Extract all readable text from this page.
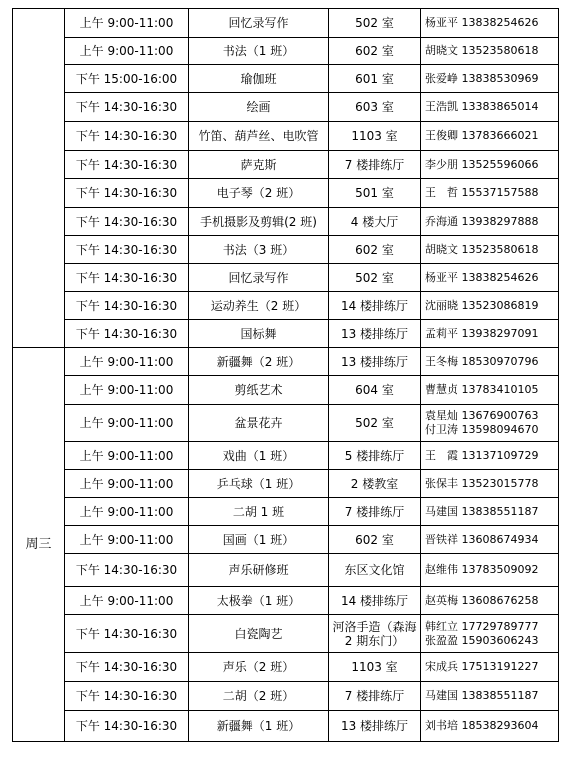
	上午 9:00-11:00	回忆录写作	502 室	杨亚平 13838254626

	上午 9:00-11:00	书法（1 班）	602 室	胡晓文 13523580618

	下午 15:00-16:00	瑜伽班	601 室	张爱峥 13838530969

	下午 14:30-16:30	绘画	603 室	王浩凯 13383865014

	下午 14:30-16:30	竹笛、葫芦丝、电吹管	1103 室	王俊卿 13783666021

	下午 14:30-16:30	萨克斯	7 楼排练厅	李少朋 13525596066

	下午 14:30-16:30	电子琴（2 班）	501 室	王　哲 15537157588

	下午 14:30-16:30	手机摄影及剪辑(2 班)	4 楼大厅	乔海通 13938297888

	下午 14:30-16:30	书法（3 班）	602 室	胡晓文 13523580618

	下午 14:30-16:30	回忆录写作	502 室	杨亚平 13838254626

	下午 14:30-16:30	运动养生（2 班）	14 楼排练厅	沈丽晓 13523086819

	下午 14:30-16:30	国标舞	13 楼排练厅	孟莉平 13938297091

周三	上午 9:00-11:00	新疆舞（2 班）	13 楼排练厅	王冬梅 18530970796

	上午 9:00-11:00	剪纸艺术	604 室	曹慧贞 13783410105

	上午 9:00-11:00	盆景花卉	502 室	袁星灿 13676900763
付卫涛 13598094670

	上午 9:00-11:00	戏曲（1 班）	5 楼排练厅	王　霞 13137109729

	上午 9:00-11:00	乒乓球（1 班）	2 楼教室	张保丰 13523015778

	上午 9:00-11:00	二胡 1 班	7 楼排练厅	马建国 13838551187

	上午 9:00-11:00	国画（1 班）	602 室	晋铁祥 13608674934

	下午 14:30-16:30	声乐研修班	东区文化馆	赵维伟 13783509092

	上午 9:00-11:00	太极拳（1 班）	14 楼排练厅	赵英梅 13608676258

	下午 14:30-16:30	白瓷陶艺	河洛手造（森海 2 期东门）	韩红立 17729789777
张盈盈 15903606243

	下午 14:30-16:30	声乐（2 班）	1103 室	宋成兵 17513191227

	下午 14:30-16:30	二胡（2 班）	7 楼排练厅	马建国 13838551187

	下午 14:30-16:30	新疆舞（1 班）	13 楼排练厅	刘书培 18538293604
